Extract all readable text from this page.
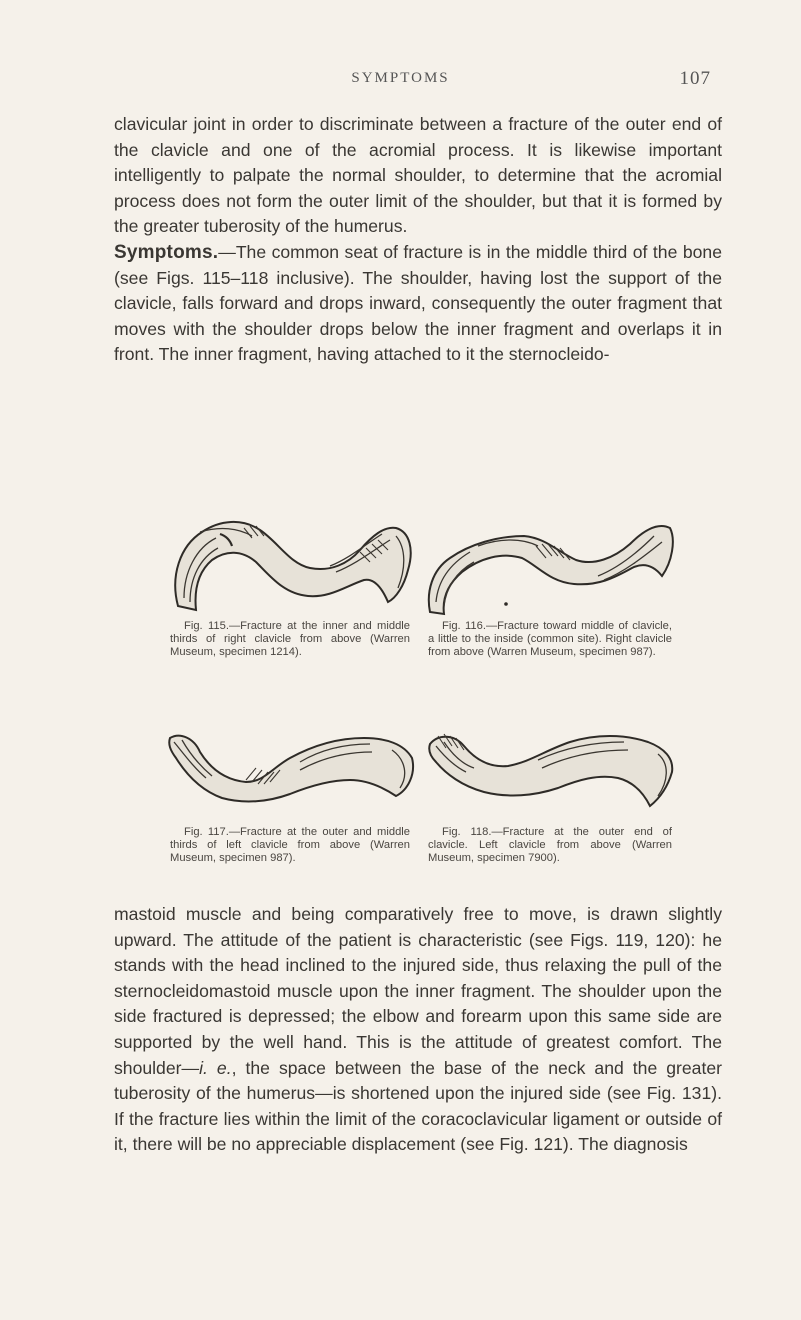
SYMPTOMS	107

clavicular joint in order to discriminate between a fracture of the outer end of the clavicle and one of the acromial process. It is likewise important intelligently to palpate the normal shoulder, to determine that the acromial process does not form the outer limit of the shoulder, but that it is formed by the greater tuberosity of the humerus.

Symptoms.—The common seat of fracture is in the middle third of the bone (see Figs. 115–118 inclusive). The shoulder, having lost the support of the clavicle, falls forward and drops inward, consequently the outer fragment that moves with the shoulder drops below the inner fragment and overlaps it in front. The inner fragment, having attached to it the sternocleido-

Fig. 115.—Fracture at the inner and middle thirds of right clavicle from above (Warren Museum, specimen 1214).
Fig. 116.—Fracture toward middle of clavicle, a little to the inside (common site). Right clavicle from above (Warren Museum, specimen 987).
Fig. 117.—Fracture at the outer and middle thirds of left clavicle from above (Warren Museum, specimen 987).
Fig. 118.—Fracture at the outer end of clavicle. Left clavicle from above (Warren Museum, specimen 7900).

mastoid muscle and being comparatively free to move, is drawn slightly upward. The attitude of the patient is characteristic (see Figs. 119, 120): he stands with the head inclined to the injured side, thus relaxing the pull of the sternocleidomastoid muscle upon the inner fragment. The shoulder upon the side fractured is depressed; the elbow and forearm upon this same side are supported by the well hand. This is the attitude of greatest comfort. The shoulder—i. e., the space between the base of the neck and the greater tuberosity of the humerus—is shortened upon the injured side (see Fig. 131). If the fracture lies within the limit of the coracoclavicular ligament or outside of it, there will be no appreciable displacement (see Fig. 121). The diagnosis
